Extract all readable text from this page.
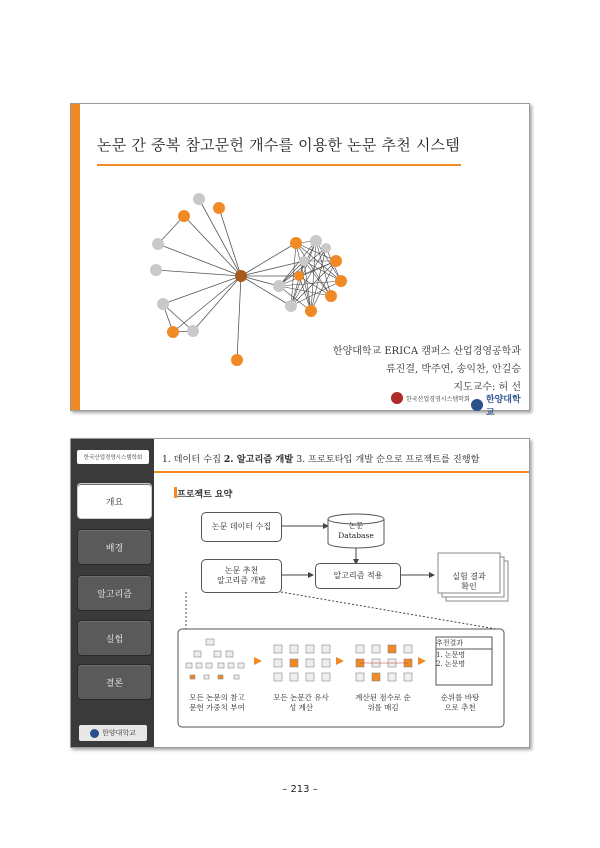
논문 간 중복 참고문헌 개수를 이용한 논문 추천 시스템
한양대학교 ERICA 캠퍼스 산업경영공학과
류진결, 박주연, 송익찬, 안길승
지도교수: 허 선
한국산업경영시스템학회 한양대학교
한국산업경영시스템학회
개요
배경
알고리즘
실험
결론
한양대학교
1. 데이터 수집 2. 알고리즘 개발 3. 프로토타입 개발 순으로 프로젝트를 진행함
프로젝트 요약
논문 데이터 수집	논문
Database
논문 추천
알고리즘 개발
알고리즘 적용	실험 결과
확인
추천결과
1. 논문명
2. 논문명
모든 논문의 참고
문헌 가중치 부여
모든 논문간 유사
성 계산
계산된 점수로 순
위를 매김
순위를 바탕
으로 추천
– 213 –
